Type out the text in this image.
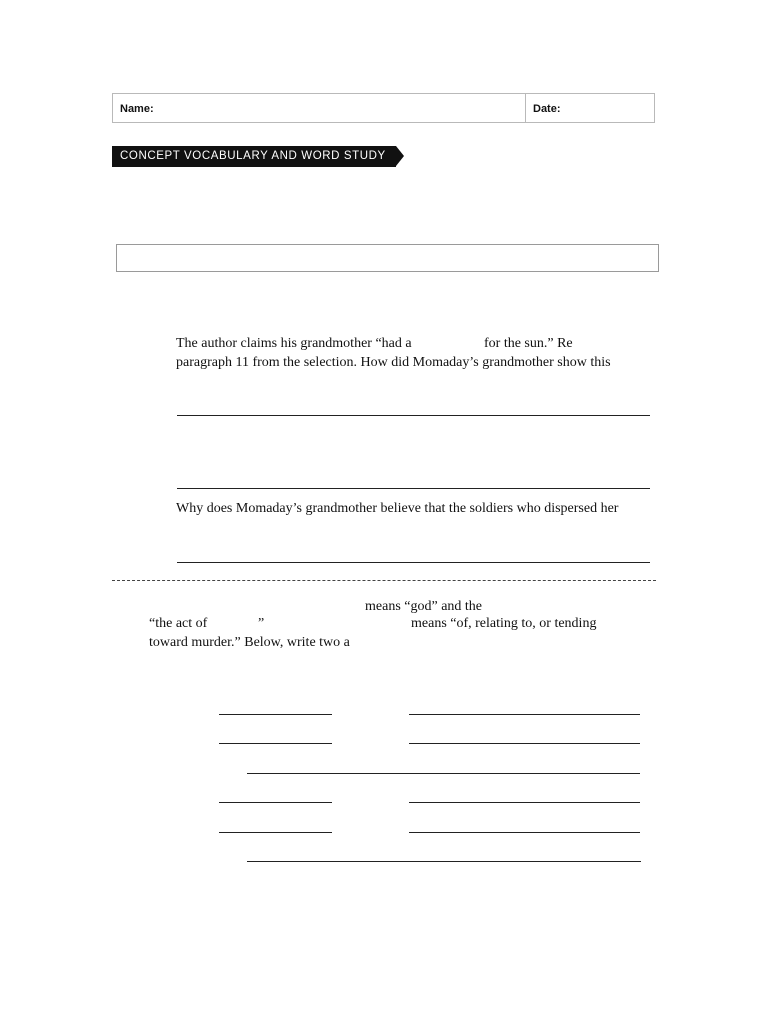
Name:	Date:
CONCEPT VOCABULARY AND WORD STUDY
The author claims his grandmother “had a	for the sun.” Re
paragraph 11 from the selection. How did Momaday’s grandmother show this
Why does Momaday’s grandmother believe that the soldiers who dispersed her
means “god” and the
“the act of	”	means “of, relating to, or tending
toward murder.” Below, write two a
